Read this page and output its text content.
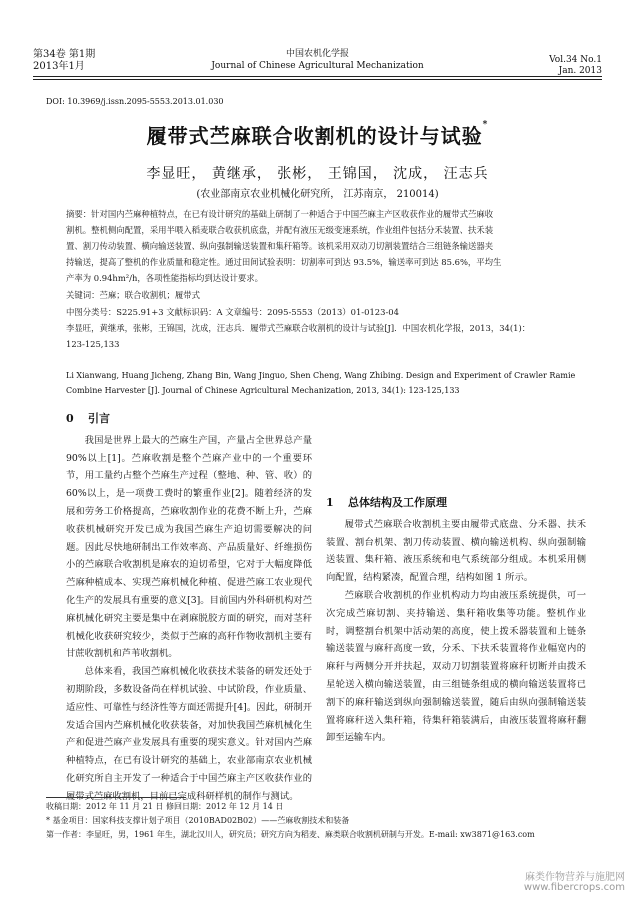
第34卷 第1期
2013年1月
中国农机化学报
Journal of Chinese Agricultural Mechanization
Vol.34 No.1
Jan. 2013
DOI: 10.3969/j.issn.2095-5553.2013.01.030
履带式苎麻联合收割机的设计与试验*
李显旺， 黄继承， 张彬， 王锦国， 沈成， 汪志兵
(农业部南京农业机械化研究所， 江苏南京， 210014)
摘要：针对国内苎麻种植特点，在已有设计研究的基础上研制了一种适合于中国苎麻主产区收获作业的履带式苎麻收
割机。整机侧向配置，采用半喂入稻麦联合收获机底盘，并配有液压无级变速系统，作业组件包括分禾装置、扶禾装
置、割刀传动装置、横向输送装置、纵向强制输送装置和集秆箱等。该机采用双动刀切割装置结合三组链条输送器夹
持输送，提高了整机的作业质量和稳定性。通过田间试验表明：切割率可到达 93.5%，输送率可到达 85.6%，平均生
产率为 0.94hm²/h，各项性能指标均到达设计要求。
关键词：苎麻；联合收割机；履带式
中图分类号：S225.91+3 文献标识码：A 文章编号：2095-5553（2013）01-0123-04
李显旺，黄继承，张彬，王锦国，沈成，汪志兵．履带式苎麻联合收割机的设计与试验[J]．中国农机化学报，2013，34(1)：
123-125,133
Li Xianwang, Huang Jicheng, Zhang Bin, Wang Jinguo, Shen Cheng, Wang Zhibing. Design and Experiment of Crawler Ramie Combine Harvester [J]. Journal of Chinese Agricultural Mechanization, 2013, 34(1): 123-125,133
0 引言

我国是世界上最大的苎麻生产国，产量占全世界总产量 90%以上[1]。苎麻收割是整个苎麻产业中的一个重要环节，用工量约占整个苎麻生产过程（整地、种、管、收）的 60%以上，是一项费工费时的繁重作业[2]。随着经济的发展和劳务工价格提高，苎麻收割作业的花费不断上升，苎麻收获机械研究开发已成为我国苎麻生产迫切需要解决的问题。因此尽快地研制出工作效率高、产品质量好、纤维损伤小的苎麻联合收割机是麻农的迫切希望，它对于大幅度降低苎麻种植成本、实现苎麻机械化种植、促进苎麻工农业现代化生产的发展具有重要的意义[3]。目前国内外科研机构对苎麻机械化研究主要是集中在剥麻脱胶方面的研究，而对茎秆机械化收获研究较少，类似于苎麻的高秆作物收割机主要有甘蔗收割机和芦苇收割机。

总体来看，我国苎麻机械化收获技术装备的研发还处于初期阶段，多数设备尚在样机试验、中试阶段，作业质量、适应性、可靠性与经济性等方面还需提升[4]。因此，研制开发适合国内苎麻机械化收获装备，对加快我国苎麻机械化生产和促进苎麻产业发展具有重要的现实意义。针对国内苎麻种植特点，在已有设计研究的基础上，农业部南京农业机械化研究所自主开发了一种适合于中国苎麻主产区收获作业的履带式苎麻收割机，目前已完成科研样机的制作与测试。

1 总体结构及工作原理

履带式苎麻联合收割机主要由履带式底盘、分禾器、扶禾装置、割台机架、割刀传动装置、横向输送机构、纵向强制输送装置、集秆箱、液压系统和电气系统部分组成。本机采用侧向配置，结构紧凑，配置合理，结构如图 1 所示。

苎麻联合收割机的作业机构动力均由液压系统提供，可一次完成苎麻切割、夹持输送、集秆箱收集等功能。整机作业时，调整割台机架中活动架的高度，使上拨禾器装置和上链条输送装置与麻秆高度一致，分禾、下扶禾装置将作业幅宽内的麻秆与两侧分开并扶起，双动刀切割装置将麻秆切断并由拨禾星轮送入横向输送装置，由三组链条组成的横向输送装置将已割下的麻秆输送到纵向强制输送装置，随后由纵向强制输送装置将麻秆送入集秆箱，待集秆箱装满后，由液压装置将麻秆翻卸至运输车内。

收稿日期：2012 年 11 月 21 日 修回日期：2012 年 12 月 14 日
* 基金项目：国家科技支撑计划子项目（2010BAD02B02）——苎麻收割技术和装备
第一作者：李显旺，男，1961 年生，湖北汉川人，研究员；研究方向为稻麦、麻类联合收割机研制与开发。E-mail: xw3871@163.com
麻类作物营养与施肥网
www.fibercrops.com
